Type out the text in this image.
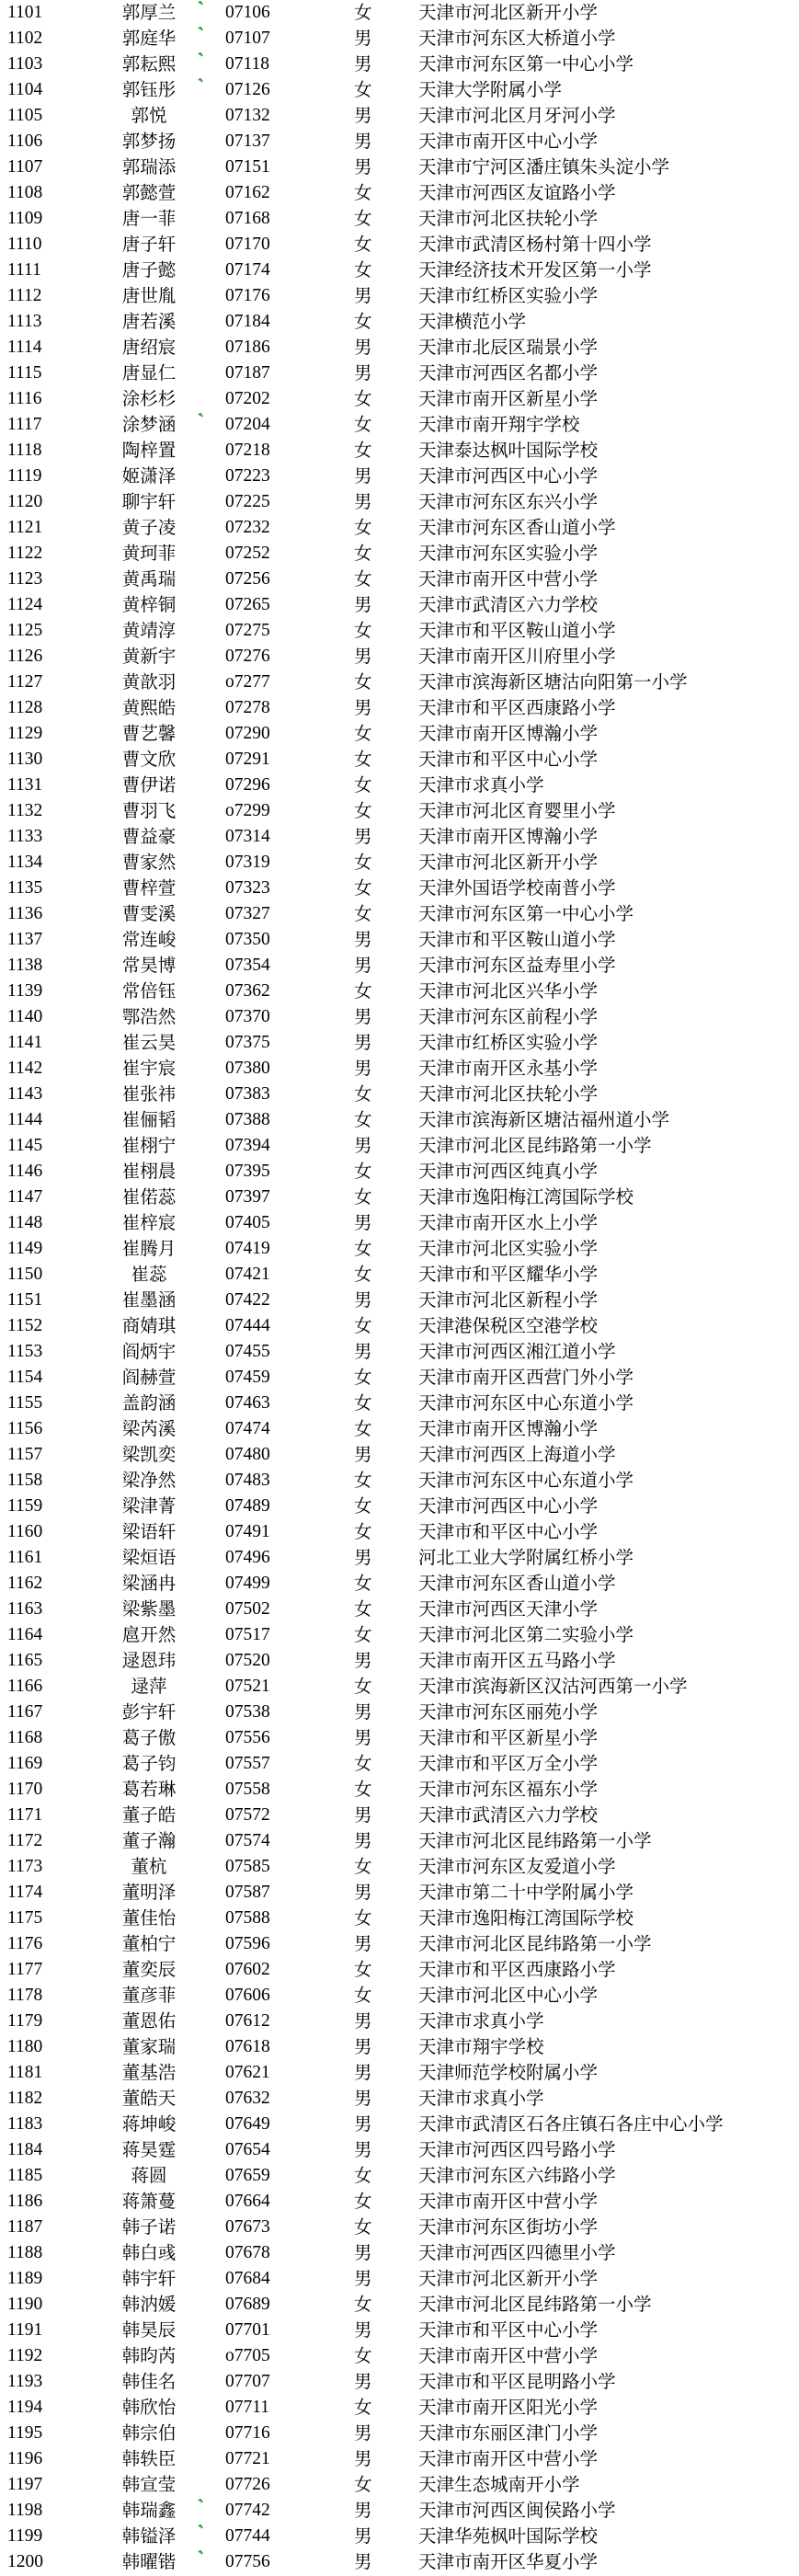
1101	郭厚兰	07106	女	天津市河北区新开小学
1102	郭庭华	07107	男	天津市河东区大桥道小学
1103	郭耘熙	07118	男	天津市河东区第一中心小学
1104	郭钰彤	07126	女	天津大学附属小学
1105	郭悦	07132	男	天津市河北区月牙河小学
1106	郭梦扬	07137	男	天津市南开区中心小学
1107	郭瑞添	07151	男	天津市宁河区潘庄镇朱头淀小学
1108	郭懿萱	07162	女	天津市河西区友谊路小学
1109	唐一菲	07168	女	天津市河北区扶轮小学
1110	唐子轩	07170	女	天津市武清区杨村第十四小学
1111	唐子懿	07174	女	天津经济技术开发区第一小学
1112	唐世胤	07176	男	天津市红桥区实验小学
1113	唐若溪	07184	女	天津横范小学
1114	唐绍宸	07186	男	天津市北辰区瑞景小学
1115	唐显仁	07187	男	天津市河西区名都小学
1116	涂杉杉	07202	女	天津市南开区新星小学
1117	涂梦涵	07204	女	天津市南开翔宇学校
1118	陶梓置	07218	女	天津泰达枫叶国际学校
1119	姬潇泽	07223	男	天津市河西区中心小学
1120	聊宇轩	07225	男	天津市河东区东兴小学
1121	黄子凌	07232	女	天津市河东区香山道小学
1122	黄珂菲	07252	女	天津市河东区实验小学
1123	黄禹瑞	07256	女	天津市南开区中营小学
1124	黄梓铜	07265	男	天津市武清区六力学校
1125	黄靖淳	07275	女	天津市和平区鞍山道小学
1126	黄新宇	07276	男	天津市南开区川府里小学
1127	黄歆羽	o7277	女	天津市滨海新区塘沽向阳第一小学
1128	黄熙皓	07278	男	天津市和平区西康路小学
1129	曹艺馨	07290	女	天津市南开区博瀚小学
1130	曹文欣	07291	女	天津市和平区中心小学
1131	曹伊诺	07296	女	天津市求真小学
1132	曹羽飞	o7299	女	天津市河北区育婴里小学
1133	曹益豪	07314	男	天津市南开区博瀚小学
1134	曹家然	07319	女	天津市河北区新开小学
1135	曹梓萱	07323	女	天津外国语学校南普小学
1136	曹雯溪	07327	女	天津市河东区第一中心小学
1137	常连峻	07350	男	天津市和平区鞍山道小学
1138	常昊博	07354	男	天津市河东区益寿里小学
1139	常倍钰	07362	女	天津市河北区兴华小学
1140	鄂浩然	07370	男	天津市河东区前程小学
1141	崔云昊	07375	男	天津市红桥区实验小学
1142	崔宇宸	07380	男	天津市南开区永基小学
1143	崔张祎	07383	女	天津市河北区扶轮小学
1144	崔俪韬	07388	女	天津市滨海新区塘沽福州道小学
1145	崔栩宁	07394	男	天津市河北区昆纬路第一小学
1146	崔栩晨	07395	女	天津市河西区纯真小学
1147	崔偌蕊	07397	女	天津市逸阳梅江湾国际学校
1148	崔梓宸	07405	男	天津市南开区水上小学
1149	崔腾月	07419	女	天津市河北区实验小学
1150	崔蕊	07421	女	天津市和平区耀华小学
1151	崔墨涵	07422	男	天津市河北区新程小学
1152	商婧琪	07444	女	天津港保税区空港学校
1153	阎炳宇	07455	男	天津市河西区湘江道小学
1154	阎赫萱	07459	女	天津市南开区西营门外小学
1155	盖韵涵	07463	女	天津市河东区中心东道小学
1156	梁芮溪	07474	女	天津市南开区博瀚小学
1157	梁凯奕	07480	男	天津市河西区上海道小学
1158	梁净然	07483	女	天津市河东区中心东道小学
1159	梁津菁	07489	女	天津市河西区中心小学
1160	梁语轩	07491	女	天津市和平区中心小学
1161	梁烜语	07496	男	河北工业大学附属红桥小学
1162	梁涵冉	07499	女	天津市河东区香山道小学
1163	梁紫墨	07502	女	天津市河西区天津小学
1164	扈开然	07517	女	天津市河北区第二实验小学
1165	逯恩玮	07520	男	天津市南开区五马路小学
1166	逯萍	07521	女	天津市滨海新区汉沽河西第一小学
1167	彭宇轩	07538	男	天津市河东区丽苑小学
1168	葛子傲	07556	男	天津市和平区新星小学
1169	葛子钧	07557	女	天津市和平区万全小学
1170	葛若琳	07558	女	天津市河东区福东小学
1171	董子皓	07572	男	天津市武清区六力学校
1172	董子瀚	07574	男	天津市河北区昆纬路第一小学
1173	董杭	07585	女	天津市河东区友爱道小学
1174	董明泽	07587	男	天津市第二十中学附属小学
1175	董佳怡	07588	女	天津市逸阳梅江湾国际学校
1176	董柏宁	07596	男	天津市河北区昆纬路第一小学
1177	董奕辰	07602	女	天津市和平区西康路小学
1178	董彦菲	07606	女	天津市河北区中心小学
1179	董恩佑	07612	男	天津市求真小学
1180	董家瑞	07618	男	天津市翔宇学校
1181	董基浩	07621	男	天津师范学校附属小学
1182	董皓天	07632	男	天津市求真小学
1183	蒋坤峻	07649	男	天津市武清区石各庄镇石各庄中心小学
1184	蒋昊霆	07654	男	天津市河西区四号路小学
1185	蒋圆	07659	女	天津市河东区六纬路小学
1186	蒋箫蔓	07664	女	天津市南开区中营小学
1187	韩子诺	07673	女	天津市河东区街坊小学
1188	韩白彧	07678	男	天津市河西区四德里小学
1189	韩宇轩	07684	男	天津市河北区新开小学
1190	韩汭媛	07689	女	天津市河北区昆纬路第一小学
1191	韩昊辰	07701	男	天津市和平区中心小学
1192	韩昀芮	o7705	女	天津市南开区中营小学
1193	韩佳名	07707	男	天津市和平区昆明路小学
1194	韩欣怡	07711	女	天津市南开区阳光小学
1195	韩宗伯	07716	男	天津市东丽区津门小学
1196	韩轶臣	07721	男	天津市南开区中营小学
1197	韩宣莹	07726	女	天津生态城南开小学
1198	韩瑞鑫	07742	男	天津市河西区闽侯路小学
1199	韩镒泽	07744	男	天津华苑枫叶国际学校
1200	韩曜锴	07756	男	天津市南开区华夏小学
